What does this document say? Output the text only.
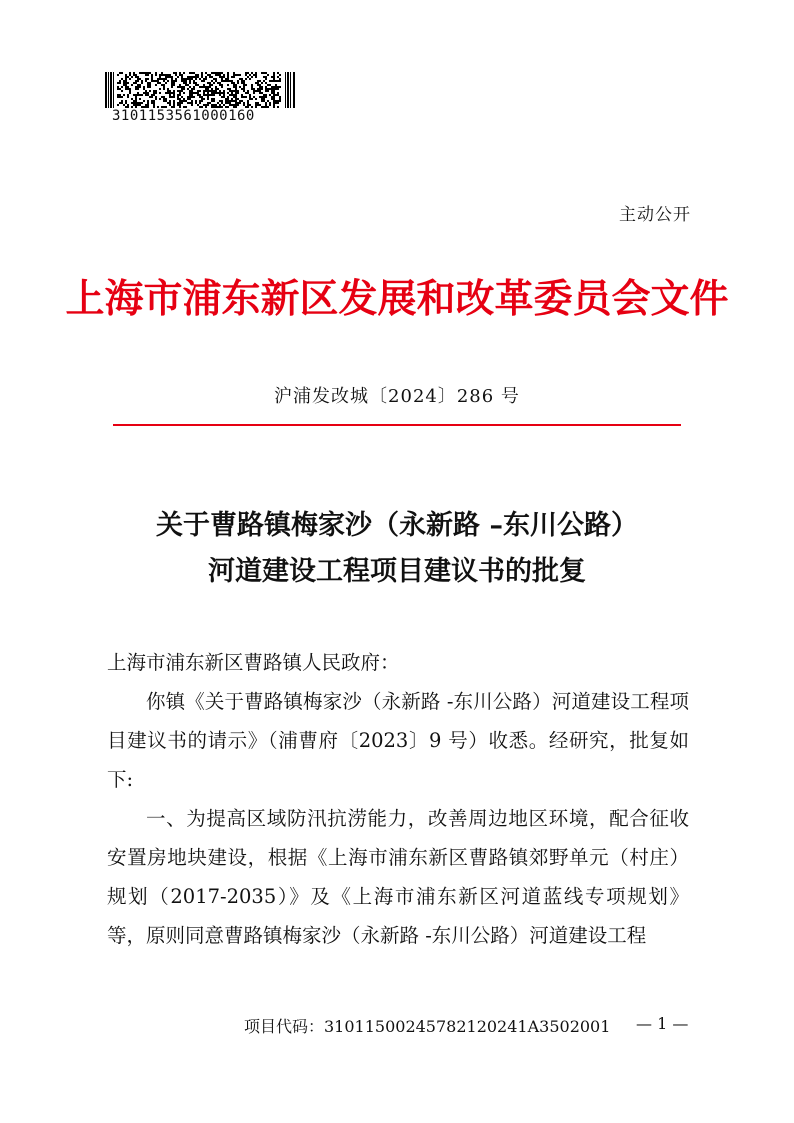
3101153561000160
主动公开
上海市浦东新区发展和改革委员会文件
沪浦发改城〔2024〕286 号
关于曹路镇梅家沙（永新路 –东川公路）
河道建设工程项目建议书的批复

上海市浦东新区曹路镇人民政府：

你镇《关于曹路镇梅家沙（永新路 -东川公路）河道建设工程项目建议书的请示》（浦曹府〔2023〕9 号）收悉。经研究，批复如下:

一、为提高区域防汛抗涝能力，改善周边地区环境，配合征收安置房地块建设，根据《上海市浦东新区曹路镇郊野单元（村庄）规划（2017-2035）》及《上海市浦东新区河道蓝线专项规划》等，原则同意曹路镇梅家沙（永新路 -东川公路）河道建设工程

项目代码：31011500245782120241A3502001 — 1 —
